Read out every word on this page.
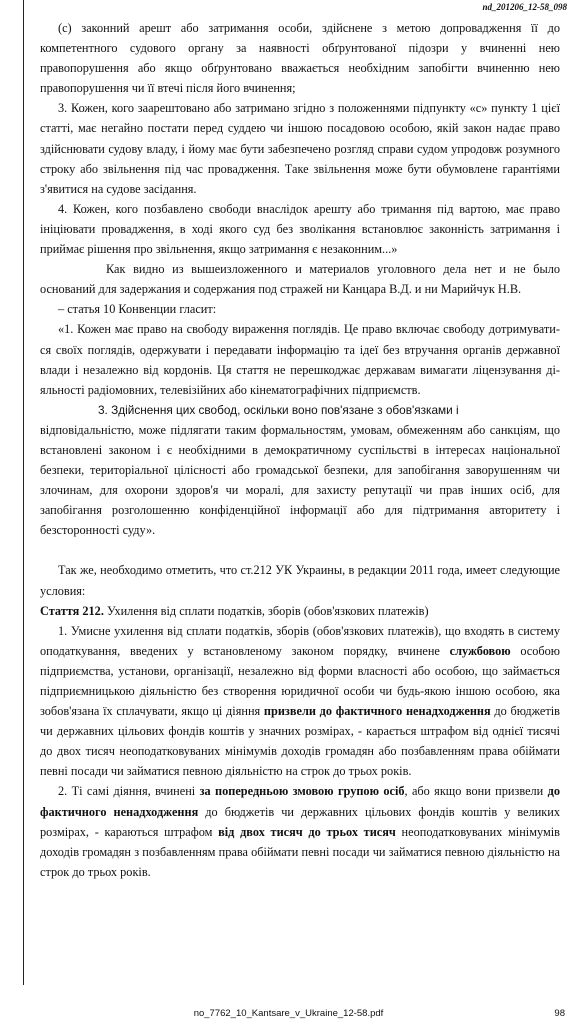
nd_201206_12-58_098

(с) законний арешт або затримання особи, здійснене з метою допровадження її до компетентного судового органу за наявності обґрунтованої підозри у вчиненні нею правопорушення або якщо обґрунтовано вважається необхідним запобігти вчиненню нею правопорушення чи її втечі після його вчинення;

3. Кожен, кого заарештовано або затримано згідно з положеннями підпункту «с» пункту 1 цієї статті, має негайно постати перед суддею чи іншою посадовою особою, якій закон надає право здійснювати судову владу, і йому має бути забезпечено розгляд справи судом упродовж розумного строку або звільнення під час провадження. Таке звільнення може бути обумовлене гарантіями з'явитися на судове засідання.

4. Кожен, кого позбавлено свободи внаслідок арешту або тримання під вартою, має право ініціювати провадження, в ході якого суд без зволікання встановлює законність затримання і приймає рішення про звільнення, якщо затримання є незаконним...»

Как видно из вышеизложенного и материалов уголовного дела нет и не было оснований для задержания и содержания под стражей ни Канцара В.Д. и ни Марийчук Н.В.

– статья 10 Конвенции гласит:

«1. Кожен має право на свободу вираження поглядів. Це право включає свободу дотримувати-ся своїх поглядів, одержувати і передавати інформацію та ідеї без втручання органів державної влади і незалежно від кордонів. Ця стаття не перешкоджає державам вимагати ліцензування ді-яльності радіомовних, телевізійних або кінематографічних підприємств.

3. Здійснення цих свобод, оскільки воно пов'язане з обов'язками і

відповідальністю, може підлягати таким формальностям, умовам, обмеженням або санкціям, що встановлені законом і є необхідними в демократичному суспільстві в інтересах національної безпеки, територіальної цілісності або громадської безпеки, для запобігання заворушенням чи злочинам, для охорони здоров'я чи моралі, для захисту репутації чи прав інших осіб, для запобігання розголошенню конфіденційної інформації або для підтримання авторитету і безсторонності суду».

Так же, необходимо отметить, что ст.212 УК Украины, в редакции 2011 года, имеет следующие условия:

Стаття 212. Ухилення від сплати податків, зборів (обов'язкових платежів)

1. Умисне ухилення від сплати податків, зборів (обов'язкових платежів), що входять в систему оподаткування, введених у встановленому законом порядку, вчинене службовою особою підприємства, установи, організації, незалежно від форми власності або особою, що займається підприємницькою діяльністю без створення юридичної особи чи будь-якою іншою особою, яка зобов'язана їх сплачувати, якщо ці діяння призвели до фактичного ненадходження до бюджетів чи державних цільових фондів коштів у значних розмірах, - карається штрафом від однієї тисячі до двох тисяч неоподатковуваних мінімумів доходів громадян або позбавленням права обіймати певні посади чи займатися певною діяльністю на строк до трьох років.

2. Ті самі діяння, вчинені за попередньою змовою групою осіб, або якщо вони призвели до фактичного ненадходження до бюджетів чи державних цільових фондів коштів у великих розмірах, - караються штрафом від двох тисяч до трьох тисяч неоподатковуваних мінімумів доходів громадян з позбавленням права обіймати певні посади чи займатися певною діяльністю на строк до трьох років.

no_7762_10_Kantsare_v_Ukraine_12-58.pdf	98
